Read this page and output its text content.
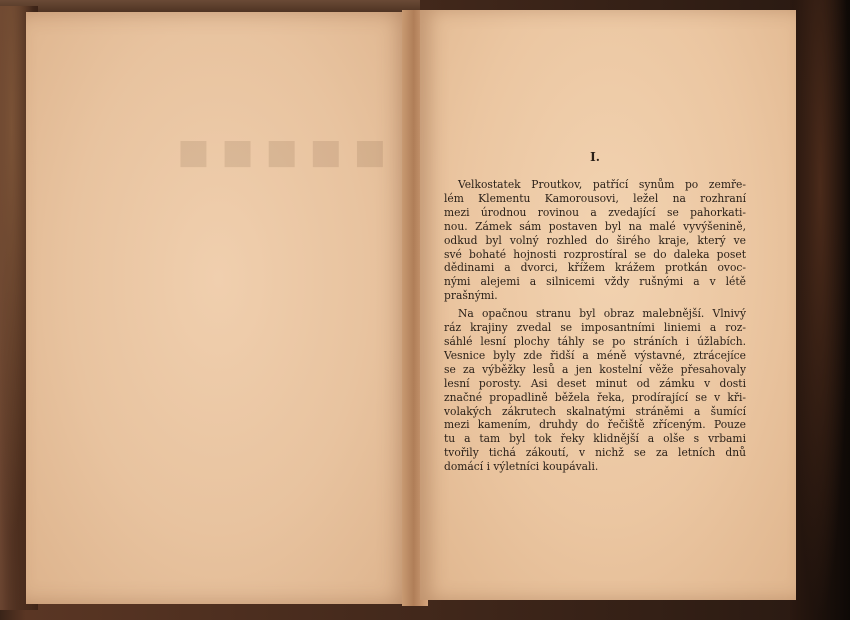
■■■■■	I.
Velkostatek Proutkov, patřící synům po zemře-
lém Klementu Kamorousovi, ležel na rozhraní
mezi úrodnou rovinou a zvedající se pahorkati-
nou. Zámek sám postaven byl na malé vyvýšenině,
odkud byl volný rozhled do širého kraje, který ve
své bohaté hojnosti rozprostíral se do daleka poset
dědinami a dvorci, křížem krážem protkán ovoc-
nými alejemi a silnicemi vždy rušnými a v létě
prašnými.
Na opačnou stranu byl obraz malebnější. Vlnivý
ráz krajiny zvedal se imposantními liniemi a roz-
sáhlé lesní plochy táhly se po stráních i úžlabích.
Vesnice byly zde řidší a méně výstavné, ztrácejíce
se za výběžky lesů a jen kostelní věže přesahovaly
lesní porosty. Asi deset minut od zámku v dosti
značné propadlině běžela řeka, prodírající se v kři-
volakých zákrutech skalnatými stráněmi a šumící
mezi kamením, druhdy do řečiště zříceným. Pouze
tu a tam byl tok řeky klidnější a olše s vrbami
tvořily tichá zákoutí, v nichž se za letních dnů
domácí i výletníci koupávali.
